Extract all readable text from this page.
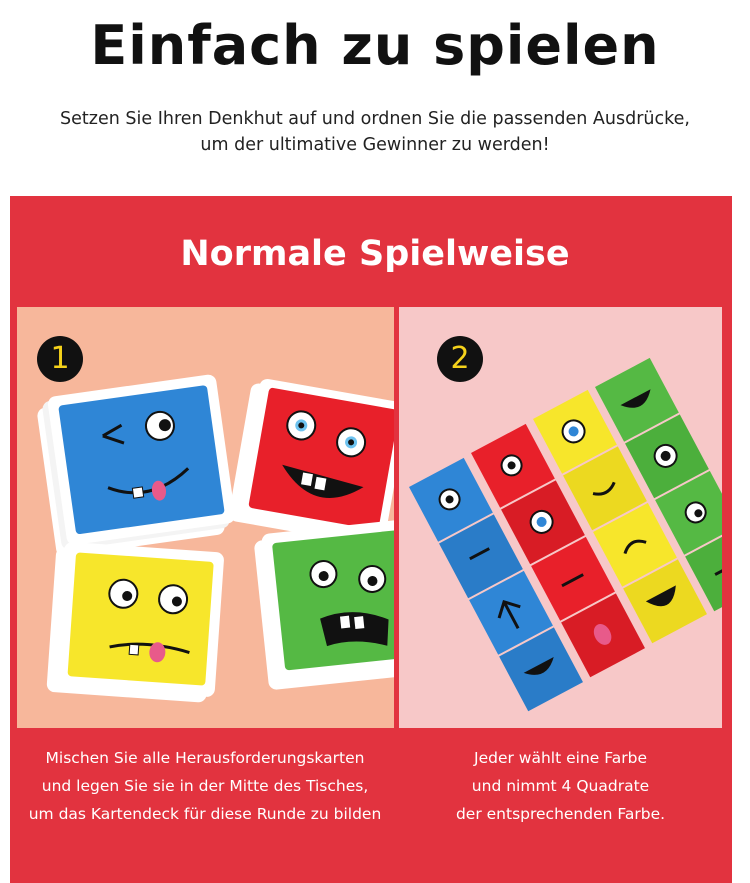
Einfach zu spielen
Setzen Sie Ihren Denkhut auf und ordnen Sie die passenden Ausdrücke,
um der ultimative Gewinner zu werden!
Normale Spielweise
1	2
Mischen Sie alle Herausforderungskarten
und legen Sie sie in der Mitte des Tisches,
um das Kartendeck für diese Runde zu bilden
Jeder wählt eine Farbe
und nimmt 4 Quadrate
der entsprechenden Farbe.
